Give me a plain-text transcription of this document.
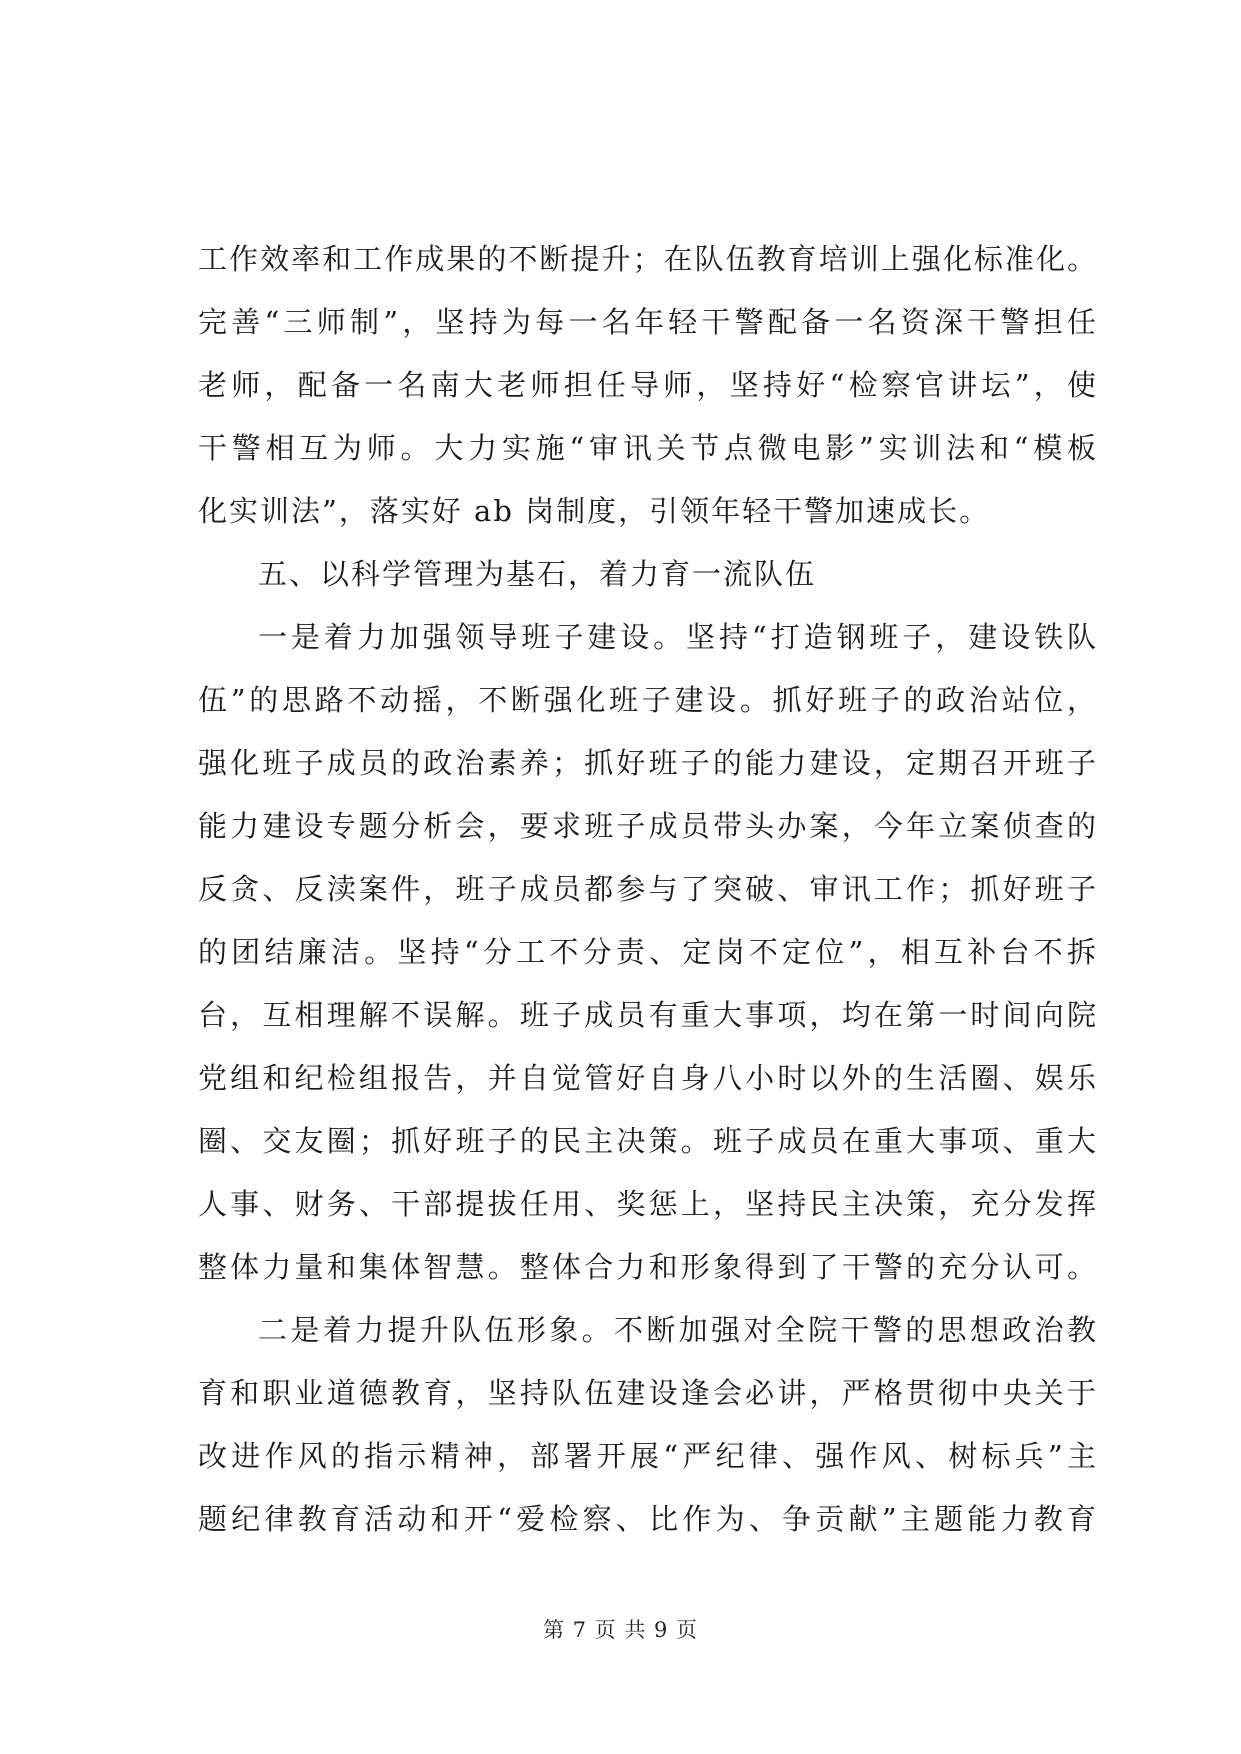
工作效率和工作成果的不断提升；在队伍教育培训上强化标准化。
完善“三师制”，坚持为每一名年轻干警配备一名资深干警担任
老师，配备一名南大老师担任导师，坚持好“检察官讲坛”，使
干警相互为师。大力实施“审讯关节点微电影”实训法和“模板
化实训法”，落实好 ab 岗制度，引领年轻干警加速成长。
五、以科学管理为基石，着力育一流队伍
一是着力加强领导班子建设。坚持“打造钢班子，建设铁队
伍”的思路不动摇，不断强化班子建设。抓好班子的政治站位，
强化班子成员的政治素养；抓好班子的能力建设，定期召开班子
能力建设专题分析会，要求班子成员带头办案，今年立案侦查的
反贪、反渎案件，班子成员都参与了突破、审讯工作；抓好班子
的团结廉洁。坚持“分工不分责、定岗不定位”，相互补台不拆
台，互相理解不误解。班子成员有重大事项，均在第一时间向院
党组和纪检组报告，并自觉管好自身八小时以外的生活圈、娱乐
圈、交友圈；抓好班子的民主决策。班子成员在重大事项、重大
人事、财务、干部提拔任用、奖惩上，坚持民主决策，充分发挥
整体力量和集体智慧。整体合力和形象得到了干警的充分认可。
二是着力提升队伍形象。不断加强对全院干警的思想政治教
育和职业道德教育，坚持队伍建设逢会必讲，严格贯彻中央关于
改进作风的指示精神，部署开展“严纪律、强作风、树标兵”主
题纪律教育活动和开“爱检察、比作为、争贡献”主题能力教育
第 7 页 共 9 页
